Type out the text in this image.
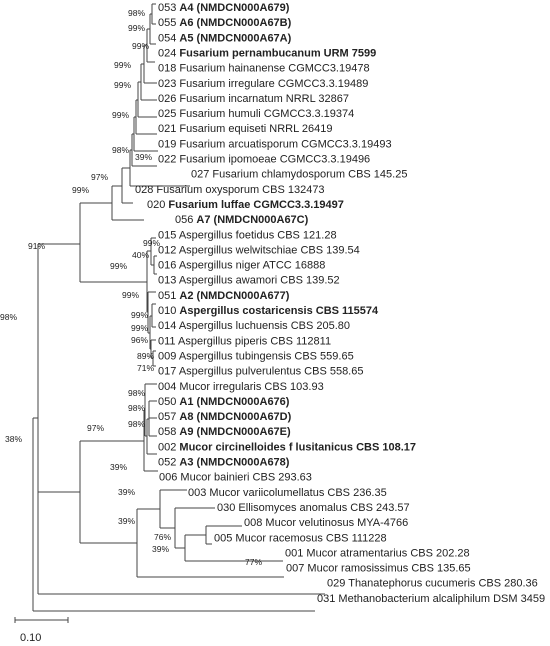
053 A4 (NMDCN000A679)
055 A6 (NMDCN000A67B)
054 A5 (NMDCN000A67A)
024 Fusarium pernambucanum URM 7599
018 Fusarium hainanense CGMCC3.19478
023 Fusarium irregulare CGMCC3.3.19489
026 Fusarium incarnatum NRRL 32867
025 Fusarium humuli CGMCC3.3.19374
021 Fusarium equiseti NRRL 26419
019 Fusarium arcuatisporum CGMCC3.3.19493
022 Fusarium ipomoeae CGMCC3.3.19496
027 Fusarium chlamydosporum CBS 145.25
028 Fusarium oxysporum CBS 132473
020 Fusarium luffae CGMCC3.3.19497
056 A7 (NMDCN000A67C)
015 Aspergillus foetidus CBS 121.28
012 Aspergillus welwitschiae CBS 139.54
016 Aspergillus niger ATCC 16888
013 Aspergillus awamori CBS 139.52
051 A2 (NMDCN000A677)
010 Aspergillus costaricensis CBS 115574
014 Aspergillus luchuensis CBS 205.80
011 Aspergillus piperis CBS 112811
009 Aspergillus tubingensis CBS 559.65
017 Aspergillus pulverulentus CBS 558.65
004 Mucor irregularis CBS 103.93
050 A1 (NMDCN000A676)
057 A8 (NMDCN000A67D)
058 A9 (NMDCN000A67E)
002 Mucor circinelloides f lusitanicus CBS 108.17
052 A3 (NMDCN000A678)
006 Mucor bainieri CBS 293.63
003 Mucor variicolumellatus CBS 236.35
030 Ellisomyces anomalus CBS 243.57
008 Mucor velutinosus MYA-4766
005 Mucor racemosus CBS 111228
001 Mucor atramentarius CBS 202.28
007 Mucor ramosissimus CBS 135.65
029 Thanatephorus cucumeris CBS 280.36
031 Methanobacterium alcaliphilum DSM 3459
98%
99%
99%
99%
99%
99%
98%
39%
97%
99%
91%	99%
40%
99%
99%
99%
99%
96%
89%
71%
98%
98%
98%
98%
97%
39%
39%
39%
76%
39%
77%
38%
0.10
